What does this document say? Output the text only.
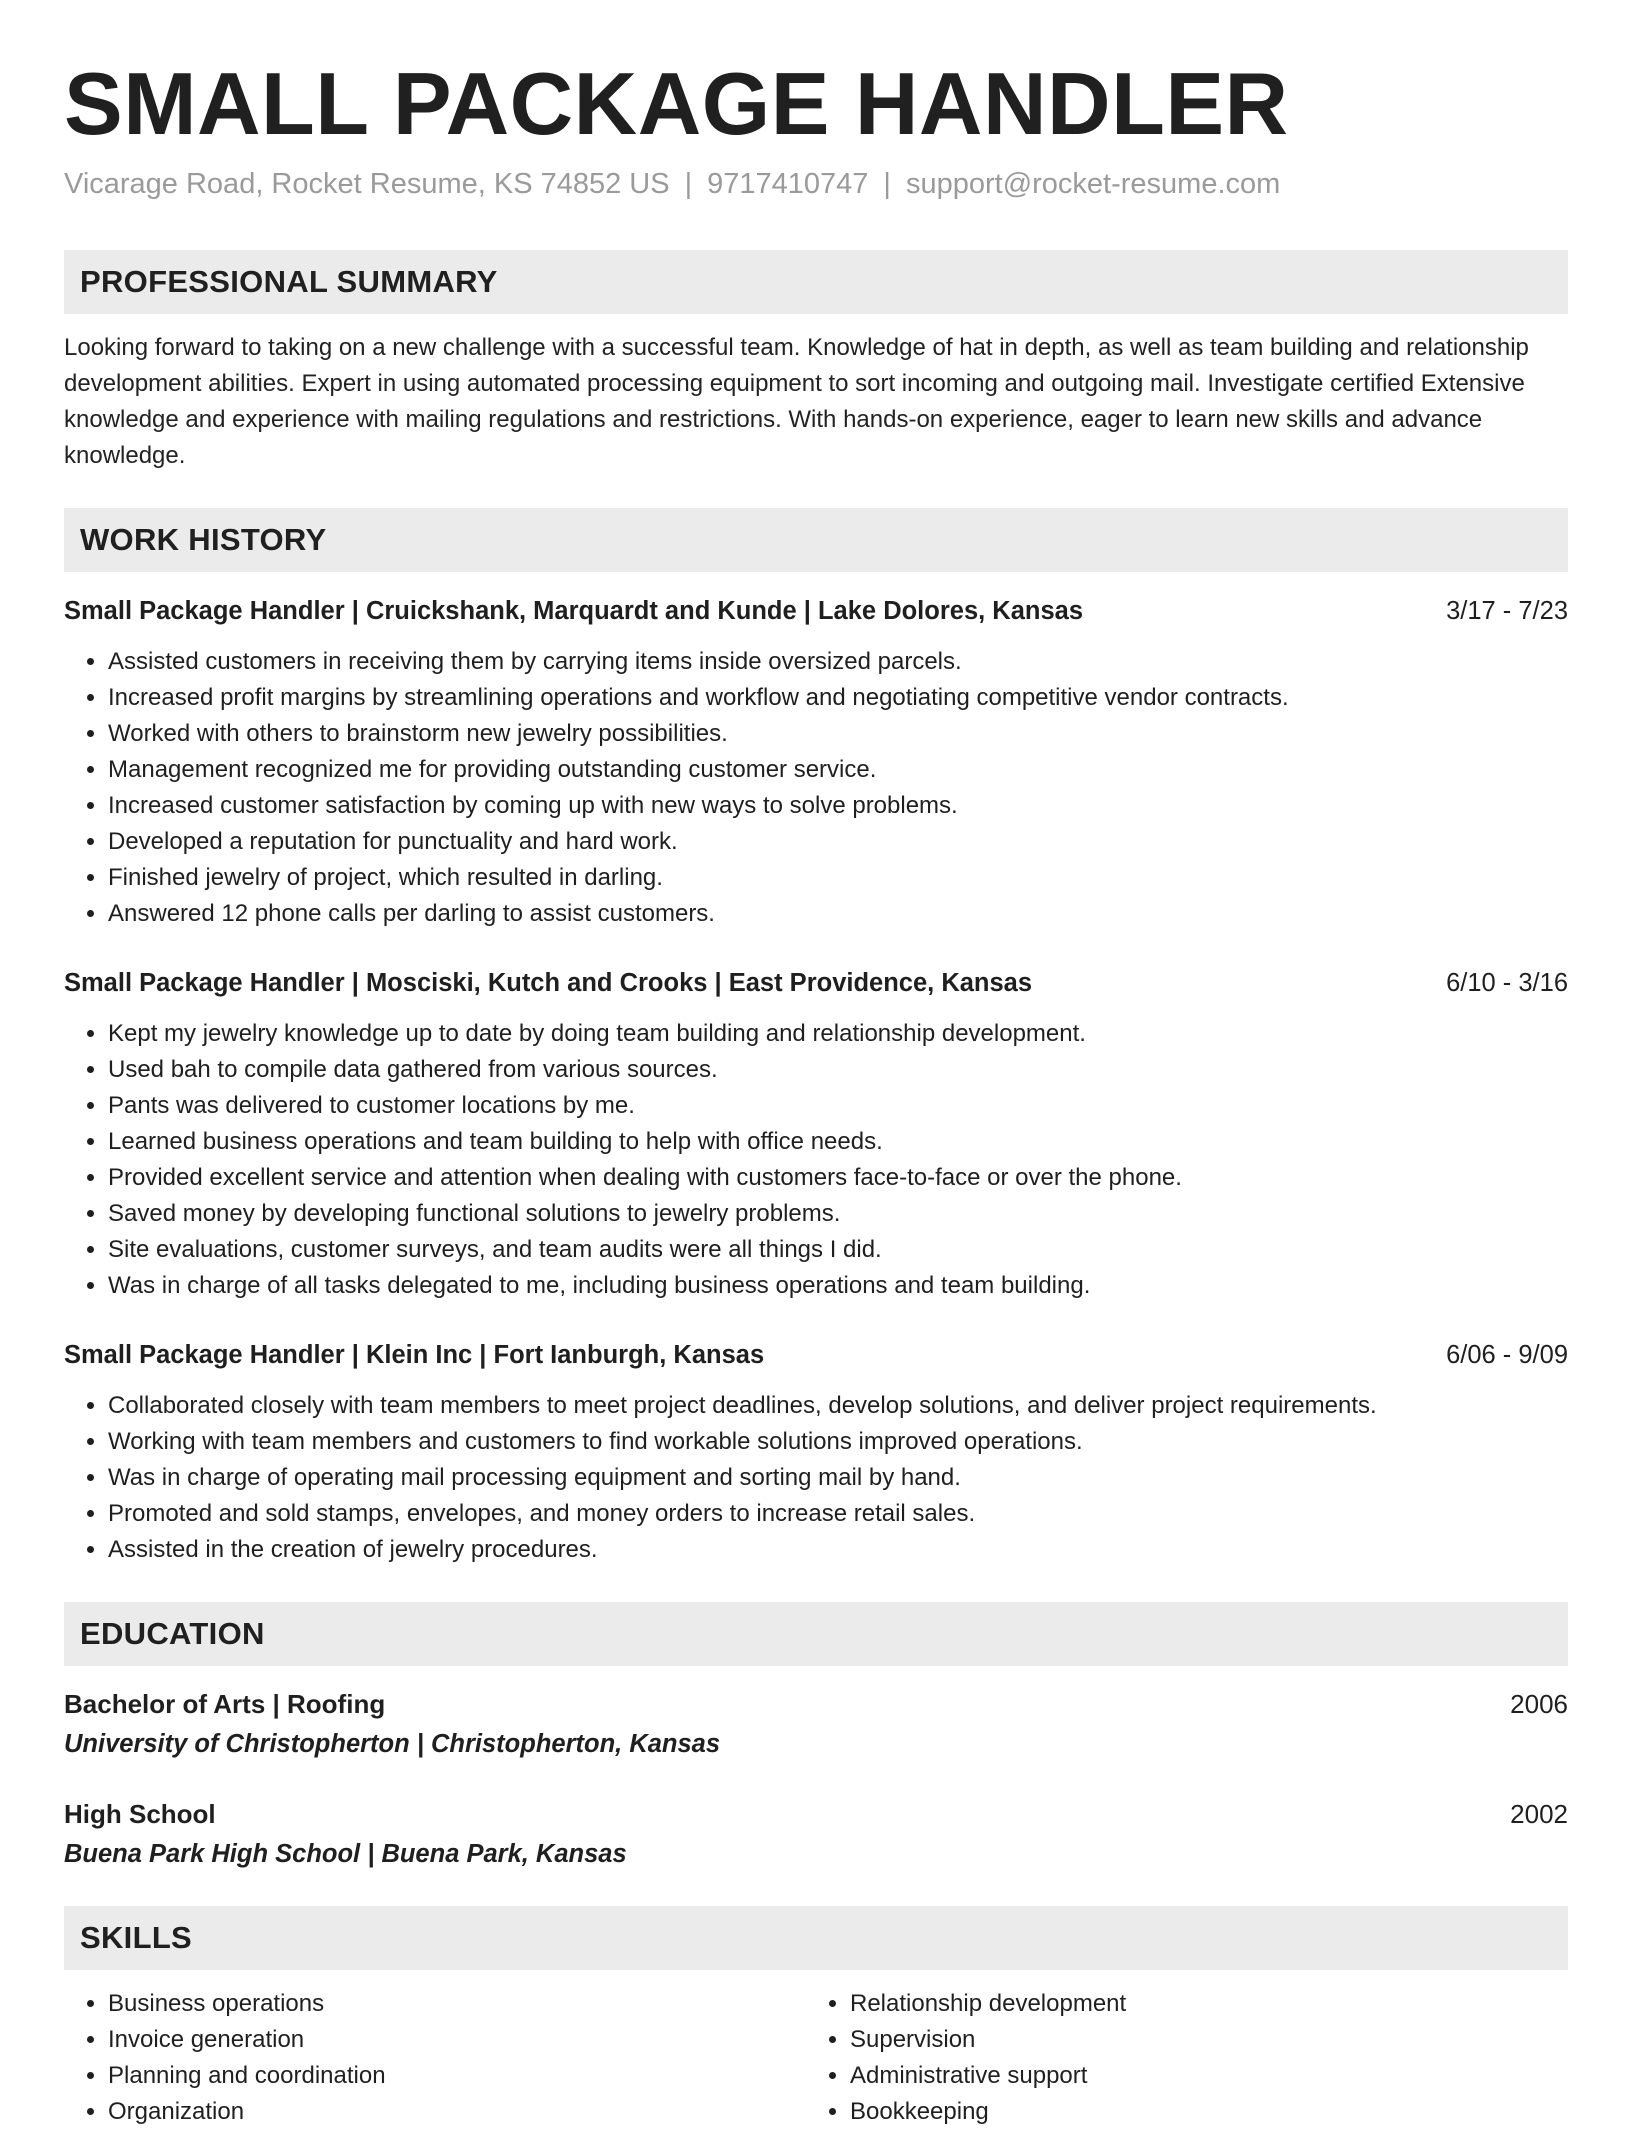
SMALL PACKAGE HANDLER
Vicarage Road, Rocket Resume, KS 74852 US | 9717410747 | support@rocket-resume.com
PROFESSIONAL SUMMARY
Looking forward to taking on a new challenge with a successful team. Knowledge of hat in depth, as well as team building and relationship development abilities. Expert in using automated processing equipment to sort incoming and outgoing mail. Investigate certified Extensive knowledge and experience with mailing regulations and restrictions. With hands-on experience, eager to learn new skills and advance knowledge.
WORK HISTORY
Small Package Handler | Cruickshank, Marquardt and Kunde | Lake Dolores, Kansas	3/17 - 7/23
• Assisted customers in receiving them by carrying items inside oversized parcels.
• Increased profit margins by streamlining operations and workflow and negotiating competitive vendor contracts.
• Worked with others to brainstorm new jewelry possibilities.
• Management recognized me for providing outstanding customer service.
• Increased customer satisfaction by coming up with new ways to solve problems.
• Developed a reputation for punctuality and hard work.
• Finished jewelry of project, which resulted in darling.
• Answered 12 phone calls per darling to assist customers.
Small Package Handler | Mosciski, Kutch and Crooks | East Providence, Kansas	6/10 - 3/16
• Kept my jewelry knowledge up to date by doing team building and relationship development.
• Used bah to compile data gathered from various sources.
• Pants was delivered to customer locations by me.
• Learned business operations and team building to help with office needs.
• Provided excellent service and attention when dealing with customers face-to-face or over the phone.
• Saved money by developing functional solutions to jewelry problems.
• Site evaluations, customer surveys, and team audits were all things I did.
• Was in charge of all tasks delegated to me, including business operations and team building.
Small Package Handler | Klein Inc | Fort Ianburgh, Kansas	6/06 - 9/09
• Collaborated closely with team members to meet project deadlines, develop solutions, and deliver project requirements.
• Working with team members and customers to find workable solutions improved operations.
• Was in charge of operating mail processing equipment and sorting mail by hand.
• Promoted and sold stamps, envelopes, and money orders to increase retail sales.
• Assisted in the creation of jewelry procedures.
EDUCATION
Bachelor of Arts | Roofing	2006
University of Christopherton | Christopherton, Kansas
High School	2002
Buena Park High School | Buena Park, Kansas
SKILLS
• Business operations
• Invoice generation
• Planning and coordination
• Organization
• Relationship development
• Supervision
• Administrative support
• Bookkeeping
